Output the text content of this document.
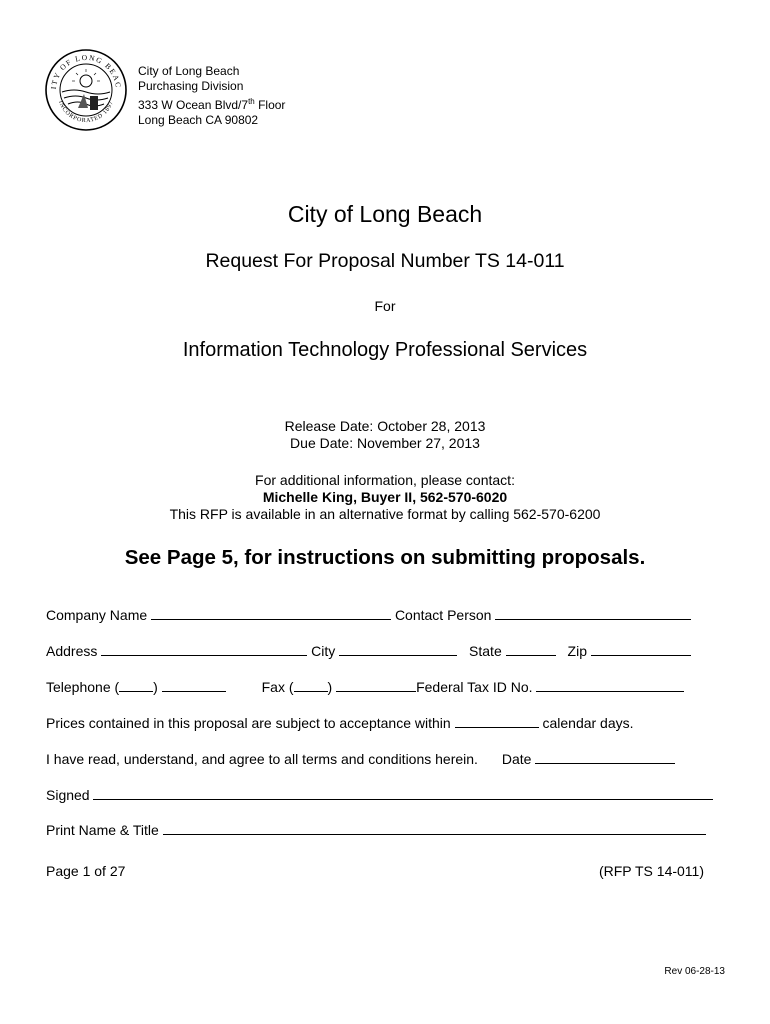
ITY OF LONG BEAC
INCORPORATED 1897
City of Long Beach
Purchasing Division
333 W Ocean Blvd/7th Floor
Long Beach CA 90802
City of Long Beach
Request For Proposal Number TS 14-011
For
Information Technology Professional Services
Release Date: October 28, 2013
Due Date: November 27, 2013
For additional information, please contact:
Michelle King, Buyer II, 562-570-6020
This RFP is available in an alternative format by calling 562-570-6200
See Page 5, for instructions on submitting proposals.
Company Name	Contact Person
Address	City	State	Zip
Telephone ( )	Fax ( )	Federal Tax ID No.
Prices contained in this proposal are subject to acceptance within	calendar days.
I have read, understand, and agree to all terms and conditions herein. Date
Signed
Print Name & Title
Page 1 of 27	(RFP TS 14-011)
Rev 06-28-13
